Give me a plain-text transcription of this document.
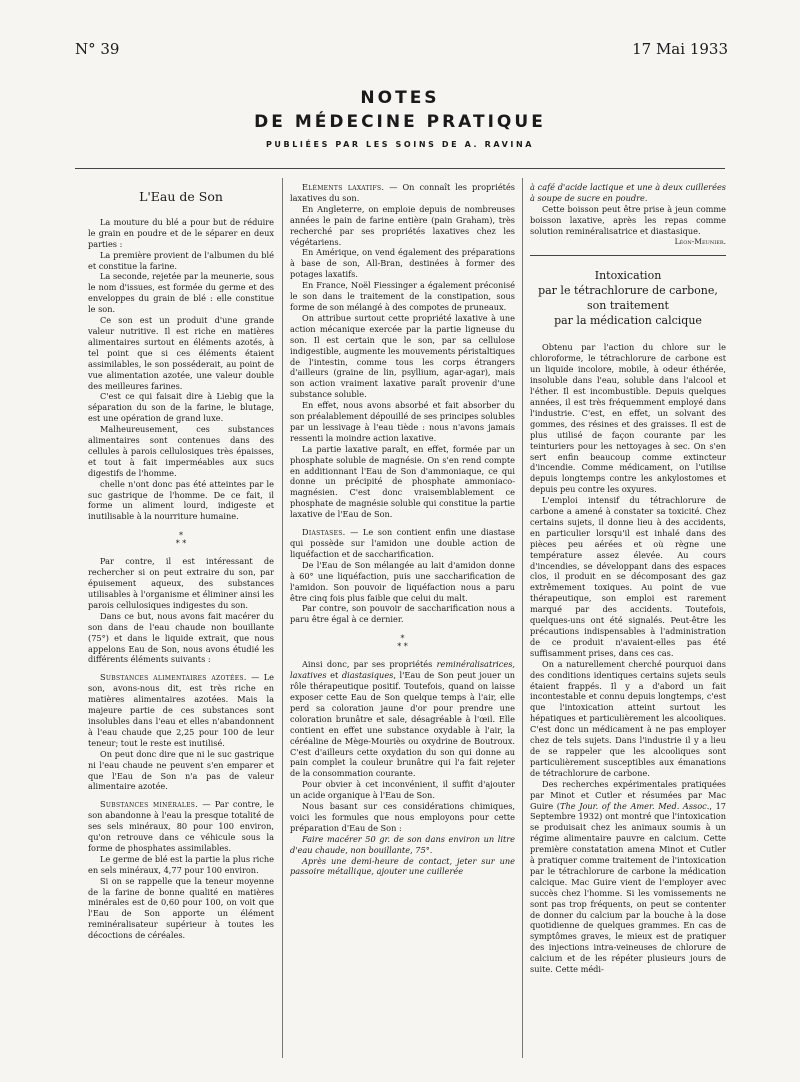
N° 39	17 Mai 1933
NOTES
DE MÉDECINE PRATIQUE
PUBLIÉES PAR LES SOINS DE A. RAVINA

L'Eau de Son

La mouture du blé a pour but de réduire le grain en poudre et de le séparer en deux parties :

La première provient de l'albumen du blé et constitue la farine.

La seconde, rejetée par la meunerie, sous le nom d'issues, est formée du germe et des enveloppes du grain de blé : elle constitue le son.

Ce son est un produit d'une grande valeur nutritive. Il est riche en matières alimentaires surtout en éléments azotés, à tel point que si ces éléments étaient assimilables, le son posséderait, au point de vue alimentation azotée, une valeur double des meilleures farines.

C'est ce qui faisait dire à Liebig que la séparation du son de la farine, le blutage, est une opération de grand luxe.

Malheureusement, ces substances alimentaires sont contenues dans des cellules à parois cellulosiques très épaisses, et tout à fait imperméables aux sucs digestifs de l'homme.

chelle n'ont donc pas été atteintes par le suc gastrique de l'homme. De ce fait, il forme un aliment lourd, indigeste et inutilisable à la nourriture humaine.

*
* *

Par contre, il est intéressant de rechercher si on peut extraire du son, par épuisement aqueux, des substances utilisables à l'organisme et éliminer ainsi les parois cellulosiques indigestes du son.

Dans ce but, nous avons fait macérer du son dans de l'eau chaude non bouillante (75°) et dans le liquide extrait, que nous appelons Eau de Son, nous avons étudié les différents éléments suivants :

Substances alimentaires azotées. — Le son, avons-nous dit, est très riche en matières alimentaires azotées. Mais la majeure partie de ces substances sont insolubles dans l'eau et elles n'abandonnent à l'eau chaude que 2,25 pour 100 de leur teneur; tout le reste est inutilisé.

On peut donc dire que ni le suc gastrique ni l'eau chaude ne peuvent s'en emparer et que l'Eau de Son n'a pas de valeur alimentaire azotée.

Substances minérales. — Par contre, le son abandonne à l'eau la presque totalité de ses sels minéraux, 80 pour 100 environ, qu'on retrouve dans ce véhicule sous la forme de phosphates assimilables.

Le germe de blé est la partie la plus riche en sels minéraux, 4,77 pour 100 environ.

Si on se rappelle que la teneur moyenne de la farine de bonne qualité en matières minérales est de 0,60 pour 100, on voit que l'Eau de Son apporte un élément reminéralisateur supérieur à toutes les décoctions de céréales.

Eléments laxatifs. — On connaît les propriétés laxatives du son.

En Angleterre, on emploie depuis de nombreuses années le pain de farine entière (pain Graham), très recherché par ses propriétés laxatives chez les végétariens.

En Amérique, on vend également des préparations à base de son, All-Bran, destinées à former des potages laxatifs.

En France, Noël Fiessinger a également préconisé le son dans le traitement de la constipation, sous forme de son mélangé à des compotes de pruneaux.

On attribue surtout cette propriété laxative à une action mécanique exercée par la partie ligneuse du son. Il est certain que le son, par sa cellulose indigestible, augmente les mouvements péristaltiques de l'intestin, comme tous les corps étrangers d'ailleurs (graine de lin, psyllium, agar-agar), mais son action vraiment laxative paraît provenir d'une substance soluble.

En effet, nous avons absorbé et fait absorber du son préalablement dépouillé de ses principes solubles par un lessivage à l'eau tiède : nous n'avons jamais ressenti la moindre action laxative.

La partie laxative paraît, en effet, formée par un phosphate soluble de magnésie. On s'en rend compte en additionnant l'Eau de Son d'ammoniaque, ce qui donne un précipité de phosphate ammoniaco-magnésien. C'est donc vraisemblablement ce phosphate de magnésie soluble qui constitue la partie laxative de l'Eau de Son.

Diastases. — Le son contient enfin une diastase qui possède sur l'amidon une double action de liquéfaction et de saccharification.

De l'Eau de Son mélangée au lait d'amidon donne à 60° une liquéfaction, puis une saccharification de l'amidon. Son pouvoir de liquéfaction nous a paru être cinq fois plus faible que celui du malt.

Par contre, son pouvoir de saccharification nous a paru être égal à ce dernier.

*
* *

Ainsi donc, par ses propriétés reminéralisatrices, laxatives et diastasiques, l'Eau de Son peut jouer un rôle thérapeutique positif. Toutefois, quand on laisse exposer cette Eau de Son quelque temps à l'air, elle perd sa coloration jaune d'or pour prendre une coloration brunâtre et sale, désagréable à l'œil. Elle contient en effet une substance oxydable à l'air, la céréaline de Mège-Mouriès ou oxydrine de Boutroux. C'est d'ailleurs cette oxydation du son qui donne au pain complet la couleur brunâtre qui l'a fait rejeter de la consommation courante.

Pour obvier à cet inconvénient, il suffit d'ajouter un acide organique à l'Eau de Son.

Nous basant sur ces considérations chimiques, voici les formules que nous employons pour cette préparation d'Eau de Son :

Faire macérer 50 gr. de son dans environ un litre d'eau chaude, non bouillante, 75°.

Après une demi-heure de contact, jeter sur une passoire métallique, ajouter une cuillerée

à café d'acide lactique et une à deux cuillerées à soupe de sucre en poudre.

Cette boisson peut être prise à jeun comme boisson laxative, après les repas comme solution reminéralisatrice et diastasique.

Léon-Meunier.

Intoxication
par le tétrachlorure de carbone,
son traitement
par la médication calcique

Obtenu par l'action du chlore sur le chloroforme, le tétrachlorure de carbone est un liquide incolore, mobile, à odeur éthérée, insoluble dans l'eau, soluble dans l'alcool et l'éther. Il est incombustible. Depuis quelques années, il est très fréquemment employé dans l'industrie. C'est, en effet, un solvant des gommes, des résines et des graisses. Il est de plus utilisé de façon courante par les teinturiers pour les nettoyages à sec. On s'en sert enfin beaucoup comme extincteur d'incendie. Comme médicament, on l'utilise depuis longtemps contre les ankylostomes et depuis peu contre les oxyures.

L'emploi intensif du tétrachlorure de carbone a amené à constater sa toxicité. Chez certains sujets, il donne lieu à des accidents, en particulier lorsqu'il est inhalé dans des pièces peu aérées et où règne une température assez élevée. Au cours d'incendies, se développant dans des espaces clos, il produit en se décomposant des gaz extrêmement toxiques. Au point de vue thérapeutique, son emploi est rarement marqué par des accidents. Toutefois, quelques-uns ont été signalés. Peut-être les précautions indispensables à l'administration de ce produit n'avaient-elles pas été suffisamment prises, dans ces cas.

On a naturellement cherché pourquoi dans des conditions identiques certains sujets seuls étaient frappés. Il y a d'abord un fait incontestable et connu depuis longtemps, c'est que l'intoxication atteint surtout les hépatiques et particulièrement les alcooliques. C'est donc un médicament à ne pas employer chez de tels sujets. Dans l'industrie il y a lieu de se rappeler que les alcooliques sont particulièrement susceptibles aux émanations de tétrachlorure de carbone.

Des recherches expérimentales pratiquées par Minot et Cutler et résumées par Mac Guire (The Jour. of the Amer. Med. Assoc., 17 Septembre 1932) ont montré que l'intoxication se produisait chez les animaux soumis à un régime alimentaire pauvre en calcium. Cette première constatation amena Minot et Cutler à pratiquer comme traitement de l'intoxication par le tétrachlorure de carbone la médication calcique. Mac Guire vient de l'employer avec succès chez l'homme. Si les vomissements ne sont pas trop fréquents, on peut se contenter de donner du calcium par la bouche à la dose quotidienne de quelques grammes. En cas de symptômes graves, le mieux est de pratiquer des injections intra-veineuses de chlorure de calcium et de les répéter plusieurs jours de suite. Cette médi-
